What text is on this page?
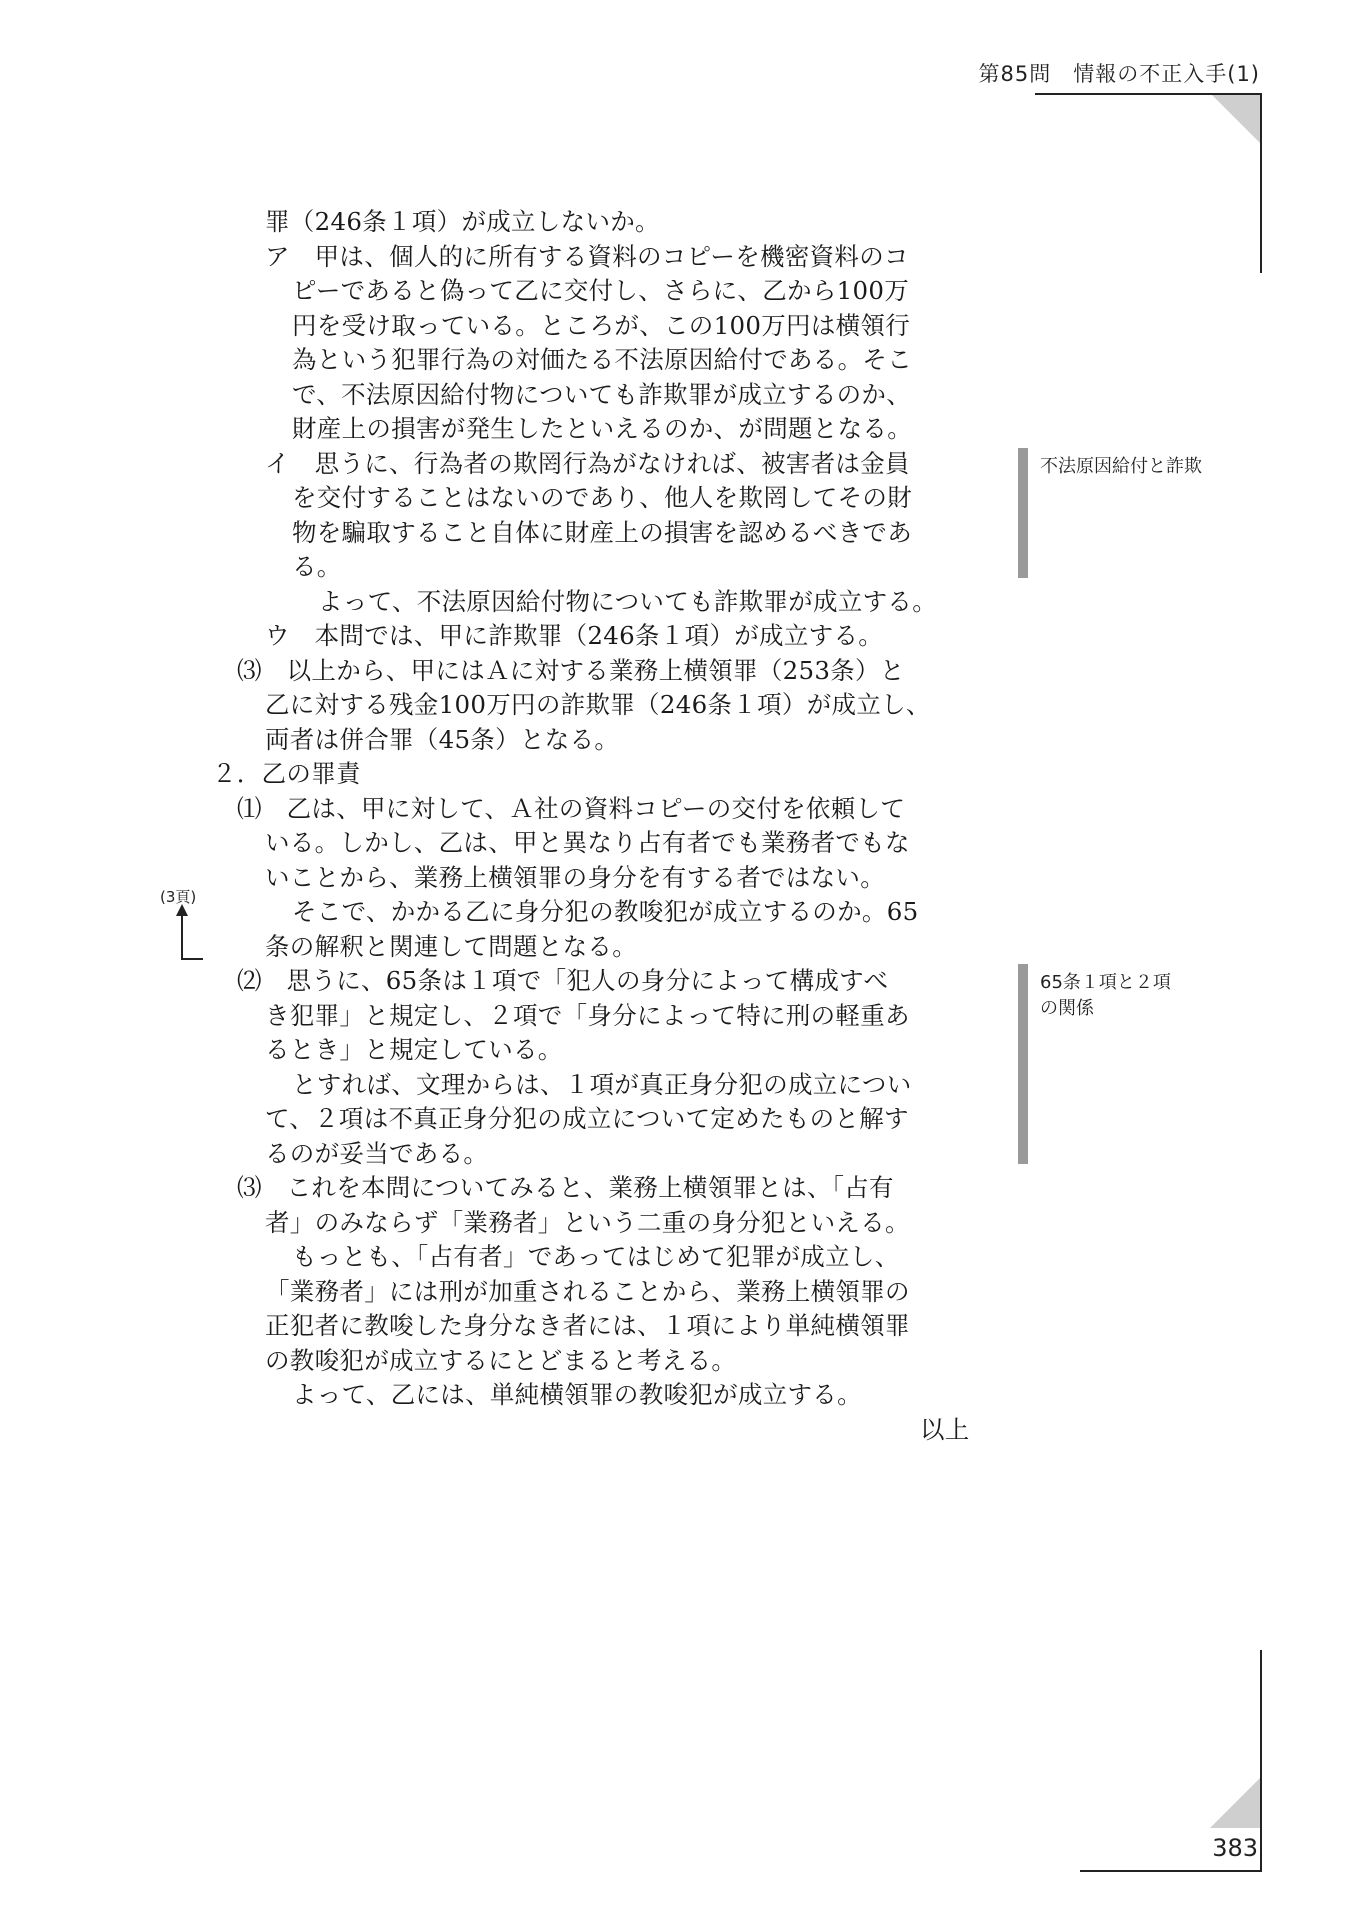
第85問　情報の不正入手(1)
罪（246条１項）が成立しないか。
ア　甲は、個人的に所有する資料のコピーを機密資料のコ
ピーであると偽って乙に交付し、さらに、乙から100万
円を受け取っている。ところが、この100万円は横領行
為という犯罪行為の対価たる不法原因給付である。そこ
で、不法原因給付物についても詐欺罪が成立するのか、
財産上の損害が発生したといえるのか、が問題となる。
イ　思うに、行為者の欺罔行為がなければ、被害者は金員
を交付することはないのであり、他人を欺罔してその財
物を騙取すること自体に財産上の損害を認めるべきであ
る。
よって、不法原因給付物についても詐欺罪が成立する。
ウ　本問では、甲に詐欺罪（246条１項）が成立する。
⑶　以上から、甲にはＡに対する業務上横領罪（253条）と
乙に対する残金100万円の詐欺罪（246条１項）が成立し、
両者は併合罪（45条）となる。
２．乙の罪責
⑴　乙は、甲に対して、Ａ社の資料コピーの交付を依頼して
いる。しかし、乙は、甲と異なり占有者でも業務者でもな
いことから、業務上横領罪の身分を有する者ではない。
そこで、かかる乙に身分犯の教唆犯が成立するのか。65
条の解釈と関連して問題となる。
⑵　思うに、65条は１項で「犯人の身分によって構成すべ
き犯罪」と規定し、２項で「身分によって特に刑の軽重あ
るとき」と規定している。
とすれば、文理からは、１項が真正身分犯の成立につい
て、２項は不真正身分犯の成立について定めたものと解す
るのが妥当である。
⑶　これを本問についてみると、業務上横領罪とは、「占有
者」のみならず「業務者」という二重の身分犯といえる。
もっとも、「占有者」であってはじめて犯罪が成立し、
「業務者」には刑が加重されることから、業務上横領罪の
正犯者に教唆した身分なき者には、１項により単純横領罪
の教唆犯が成立するにとどまると考える。
よって、乙には、単純横領罪の教唆犯が成立する。
以上
不法原因給付と詐欺
65条１項と２項
の関係
(3頁)
383
